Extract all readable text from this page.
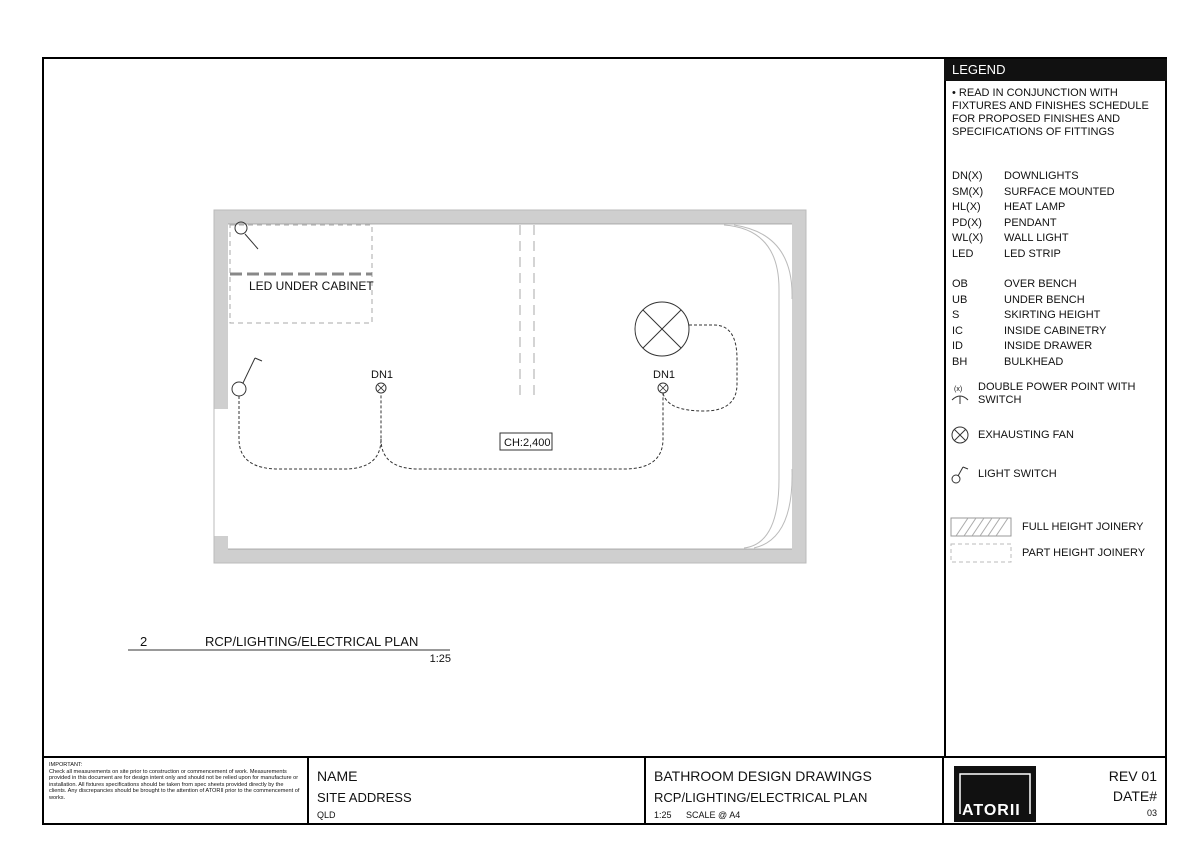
LED UNDER CABINET
DN1	DN1
CH:2,400
2	RCP/LIGHTING/ELECTRICAL PLAN
1:25
LEGEND
• READ IN CONJUNCTION WITH FIXTURES AND FINISHES SCHEDULE FOR PROPOSED FINISHES AND SPECIFICATIONS OF FITTINGS
DN(X)	DOWNLIGHTS
SM(X)	SURFACE MOUNTED
HL(X)	HEAT LAMP
PD(X)	PENDANT
WL(X)	WALL LIGHT
LED	LED STRIP
OB	OVER BENCH
UB	UNDER BENCH
S	SKIRTING HEIGHT
IC	INSIDE CABINETRY
ID	INSIDE DRAWER
BH	BULKHEAD
(x) DOUBLE POWER POINT WITH SWITCH
EXHAUSTING FAN
LIGHT SWITCH
FULL HEIGHT JOINERY
PART HEIGHT JOINERY
IMPORTANT:
Check all measurements on site prior to construction or commencement of work. Measurements provided in this document are for design intent only and should not be relied upon for manufacture or installation. All fixtures specifications should be taken from spec sheets provided directly by the clients. Any discrepancies should be brought to the attention of ATORII prior to the commencement of works.
NAME
SITE ADDRESS
QLD
BATHROOM DESIGN DRAWINGS
RCP/LIGHTING/ELECTRICAL PLAN
1:25 SCALE @ A4	ATORII
REV 01
DATE#
03
